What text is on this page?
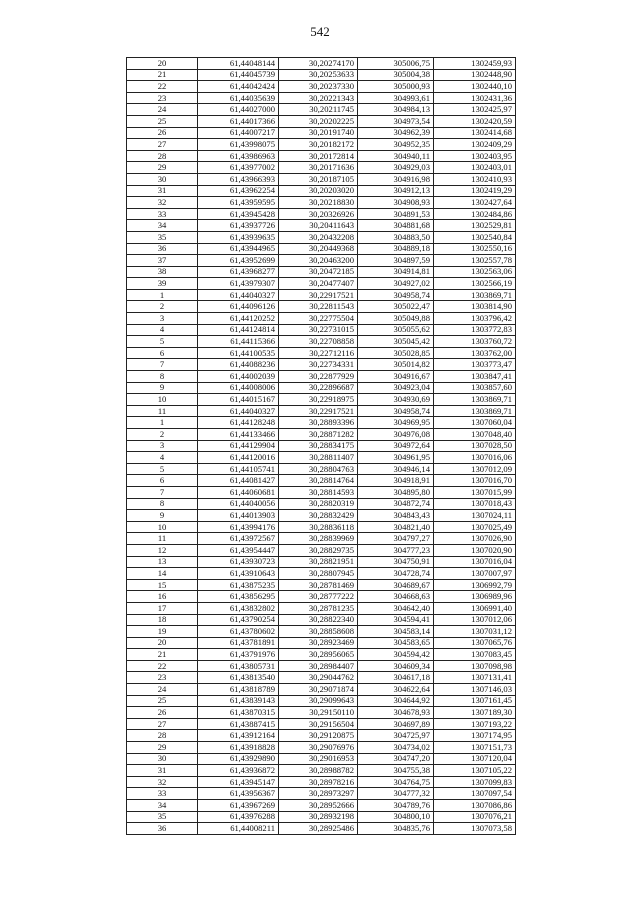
542
20	61,44048144	30,20274170	305006,75	1302459,93
21	61,44045739	30,20253633	305004,38	1302448,90
22	61,44042424	30,20237330	305000,93	1302440,10
23	61,44035639	30,20221343	304993,61	1302431,36
24	61,44027000	30,20211745	304984,13	1302425,97
25	61,44017366	30,20202225	304973,54	1302420,59
26	61,44007217	30,20191740	304962,39	1302414,68
27	61,43998075	30,20182172	304952,35	1302409,29
28	61,43986963	30,20172814	304940,11	1302403,95
29	61,43977002	30,20171636	304929,03	1302403,01
30	61,43966393	30,20187105	304916,98	1302410,93
31	61,43962254	30,20203020	304912,13	1302419,29
32	61,43959595	30,20218830	304908,93	1302427,64
33	61,43945428	30,20326926	304891,53	1302484,86
34	61,43937726	30,20411643	304881,68	1302529,81
35	61,43939635	30,20432208	304883,50	1302540,84
36	61,43944965	30,20449368	304889,18	1302550,16
37	61,43952699	30,20463200	304897,59	1302557,78
38	61,43968277	30,20472185	304914,81	1302563,06
39	61,43979307	30,20477407	304927,02	1302566,19
1	61,44040327	30,22917521	304958,74	1303869,71
2	61,44096126	30,22811543	305022,47	1303814,90
3	61,44120252	30,22775504	305049,88	1303796,42
4	61,44124814	30,22731015	305055,62	1303772,83
5	61,44115366	30,22708858	305045,42	1303760,72
6	61,44100535	30,22712116	305028,85	1303762,00
7	61,44088236	30,22734331	305014,82	1303773,47
8	61,44002039	30,22877929	304916,67	1303847,41
9	61,44008006	30,22896687	304923,04	1303857,60
10	61,44015167	30,22918975	304930,69	1303869,71
11	61,44040327	30,22917521	304958,74	1303869,71
1	61,44128248	30,28893396	304969,95	1307060,04
2	61,44133466	30,28871282	304976,08	1307048,40
3	61,44129904	30,28834175	304972,64	1307028,50
4	61,44120016	30,28811407	304961,95	1307016,06
5	61,44105741	30,28804763	304946,14	1307012,09
6	61,44081427	30,28814764	304918,91	1307016,70
7	61,44060681	30,28814593	304895,80	1307015,99
8	61,44040056	30,28820319	304872,74	1307018,43
9	61,44013903	30,28832429	304843,43	1307024,11
10	61,43994176	30,28836118	304821,40	1307025,49
11	61,43972567	30,28839969	304797,27	1307026,90
12	61,43954447	30,28829735	304777,23	1307020,90
13	61,43930723	30,28821951	304750,91	1307016,04
14	61,43910643	30,28807945	304728,74	1307007,97
15	61,43875235	30,28781469	304689,67	1306992,79
16	61,43856295	30,28777222	304668,63	1306989,96
17	61,43832802	30,28781235	304642,40	1306991,40
18	61,43790254	30,28822340	304594,41	1307012,06
19	61,43780602	30,28858608	304583,14	1307031,12
20	61,43781891	30,28923469	304583,65	1307065,76
21	61,43791976	30,28956065	304594,42	1307083,45
22	61,43805731	30,28984407	304609,34	1307098,98
23	61,43813540	30,29044762	304617,18	1307131,41
24	61,43818789	30,29071874	304622,64	1307146,03
25	61,43839143	30,29099643	304644,92	1307161,45
26	61,43870315	30,29150110	304678,93	1307189,30
27	61,43887415	30,29156504	304697,89	1307193,22
28	61,43912164	30,29120875	304725,97	1307174,95
29	61,43918828	30,29076976	304734,02	1307151,73
30	61,43929890	30,29016953	304747,20	1307120,04
31	61,43936872	30,28988782	304755,38	1307105,22
32	61,43945147	30,28978216	304764,75	1307099,83
33	61,43956367	30,28973297	304777,32	1307097,54
34	61,43967269	30,28952666	304789,76	1307086,86
35	61,43976288	30,28932198	304800,10	1307076,21
36	61,44008211	30,28925486	304835,76	1307073,58
